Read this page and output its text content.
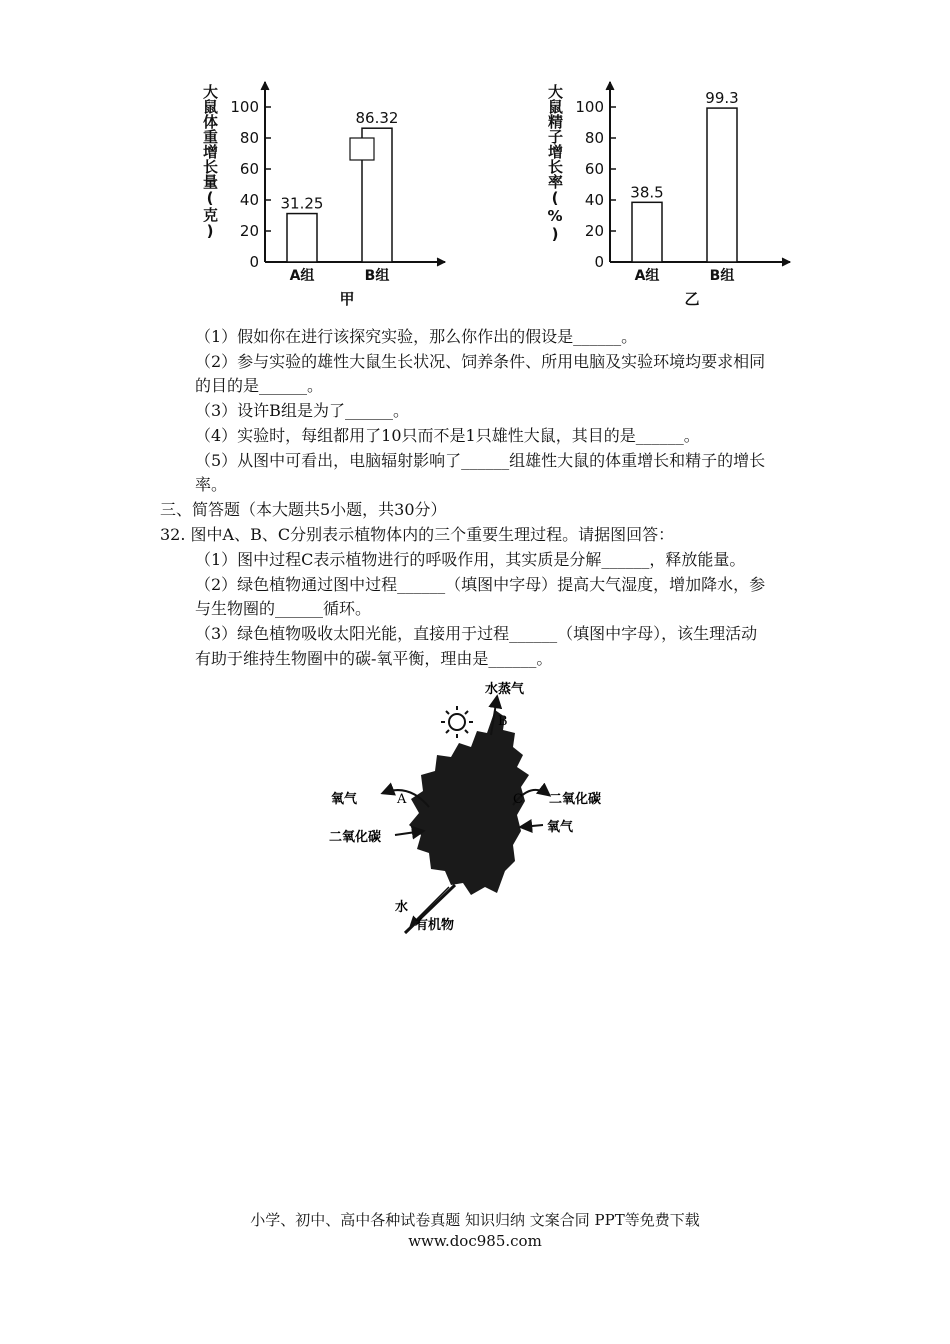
0
20
40
60
80
100
31.25
A组
86.32
B组
甲
大鼠体重增长量(克)
0
20
40
60
80
100
38.5
A组
99.3
B组
乙
大鼠精子增长率(%)
（1）假如你在进行该探究实验，那么你作出的假设是______。
（2）参与实验的雄性大鼠生长状况、饲养条件、所用电脑及实验环境均要求相同
的目的是______。
（3）设许B组是为了______。
（4）实验时，每组都用了10只而不是1只雄性大鼠，其目的是______。
（5）从图中可看出，电脑辐射影响了______组雄性大鼠的体重增长和精子的增长
率。
三、简答题（本大题共5小题，共30分）
32. 图中A、B、C分别表示植物体内的三个重要生理过程。请据图回答：
（1）图中过程C表示植物进行的呼吸作用，其实质是分解______，释放能量。
（2）绿色植物通过图中过程______（填图中字母）提高大气湿度，增加降水，参
与生物圈的______循环。
（3）绿色植物吸收太阳光能，直接用于过程______（填图中字母），该生理活动
有助于维持生物圈中的碳-氧平衡，理由是______。
水蒸气
B
A	C
氧气
二氧化碳
二氧化碳
氧气
水
有机物
小学、初中、高中各种试卷真题 知识归纳 文案合同 PPT等免费下载
www.doc985.com
